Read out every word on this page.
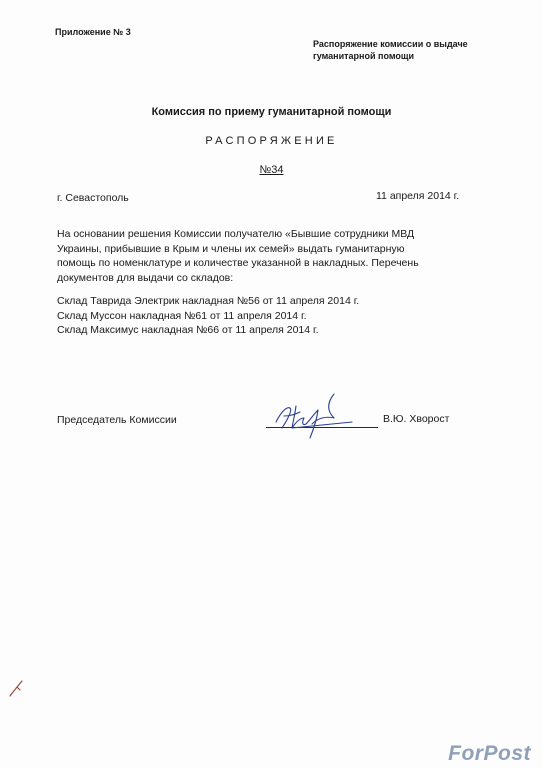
Приложение № 3
Распоряжение комиссии о выдаче
гуманитарной помощи
Комиссия по приему гуманитарной помощи
РАСПОРЯЖЕНИЕ
№34
г. Севастополь	11 апреля 2014 г.
На основании решения Комиссии получателю «Бывшие сотрудники МВД
Украины, прибывшие в Крым и члены их семей» выдать гуманитарную
помощь по номенклатуре и количестве указанной в накладных. Перечень
документов для выдачи со складов:
Склад Таврида Электрик накладная №56 от 11 апреля 2014 г.
Склад Муссон накладная №61 от 11 апреля 2014 г.
Склад Максимус накладная №66 от 11 апреля 2014 г.
Председатель Комиссии	В.Ю. Хворост
ForPost
